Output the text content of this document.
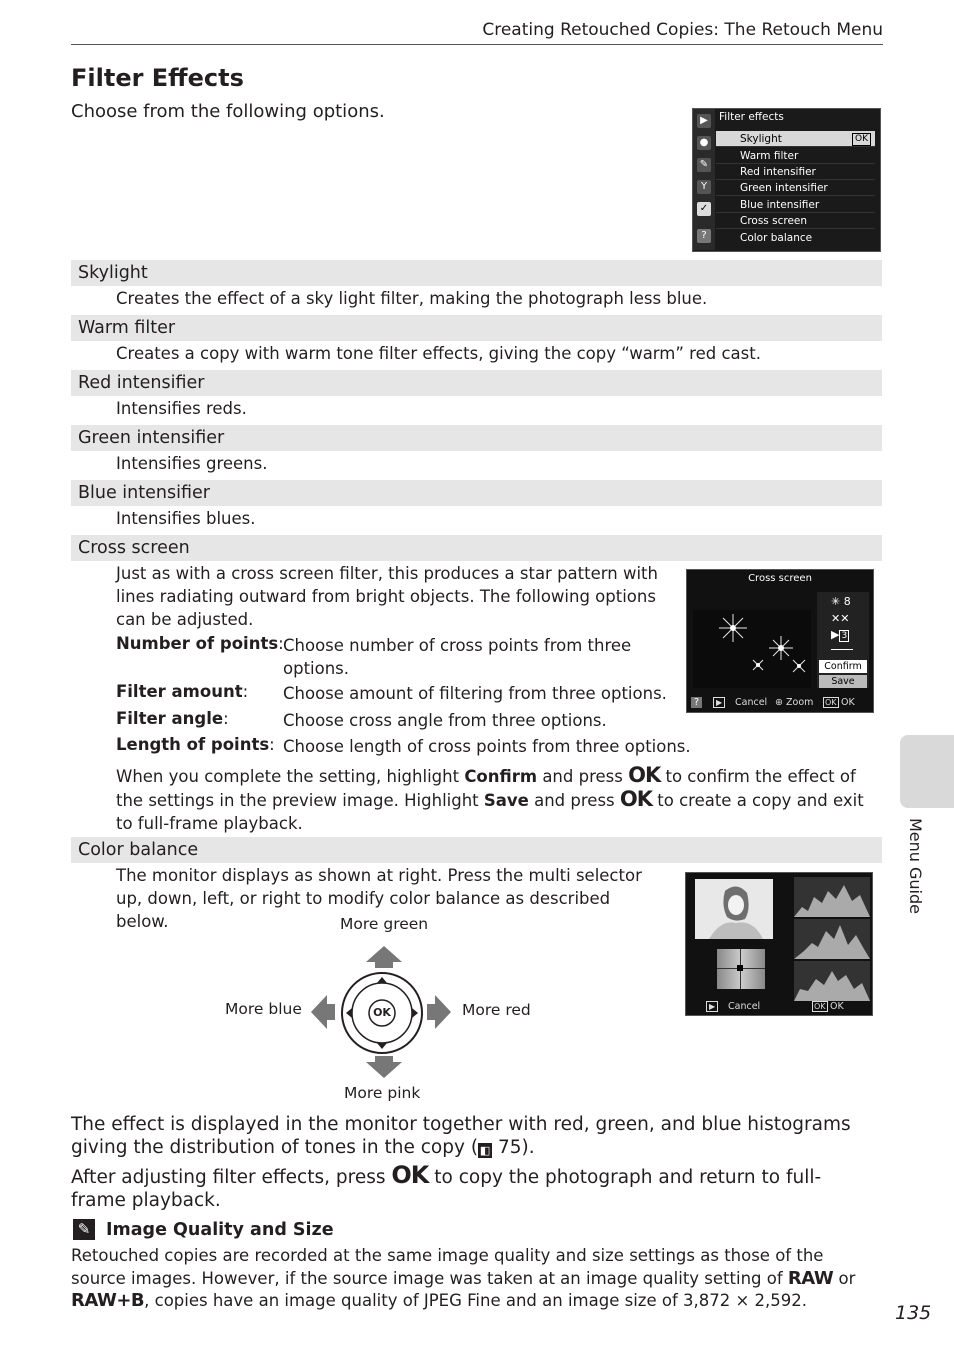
Creating Retouched Copies: The Retouch Menu
Filter Effects
Choose from the following options.	▶
●
✎
Y
✓
?
Filter effects
Skylight	OK
Warm filter
Red intensifier
Green intensifier
Blue intensifier
Cross screen
Color balance
Skylight
Creates the effect of a sky light filter, making the photograph less blue.
Warm filter
Creates a copy with warm tone filter effects, giving the copy “warm” red cast.
Red intensifier
Intensifies reds.
Green intensifier
Intensifies greens.
Blue intensifier
Intensifies blues.
Cross screen
Just as with a cross screen filter, this produces a star pattern with lines radiating outward from bright objects. The following options can be adjusted.
Number of points: Choose number of cross points from three options.
Filter amount: Choose amount of filtering from three options.
Filter angle:	Choose cross angle from three options.
Length of points: Choose length of cross points from three options.
When you complete the setting, highlight Confirm and press OK to confirm the effect of the settings in the preview image. Highlight Save and press OK to create a copy and exit to full-frame playback.
Cross screen
✳ 8
✕✕
▶ 3
Confirm
Save
?	▶	Cancel ⊕ Zoom OK OK
Color balance
The monitor displays as shown at right. Press the multi selector up, down, left, or right to modify color balance as described below.
▶	Cancel	OK OK
More green
More blue	More red
More pink
OK
The effect is displayed in the monitor together with red, green, and blue histograms giving the distribution of tones in the copy ( ◧ 75).
After adjusting filter effects, press OK to copy the photograph and return to full-frame playback.
✎ Image Quality and Size
Retouched copies are recorded at the same image quality and size settings as those of the source images. However, if the source image was taken at an image quality setting of RAW or RAW+B, copies have an image quality of JPEG Fine and an image size of 3,872 × 2,592.
Menu Guide
135
